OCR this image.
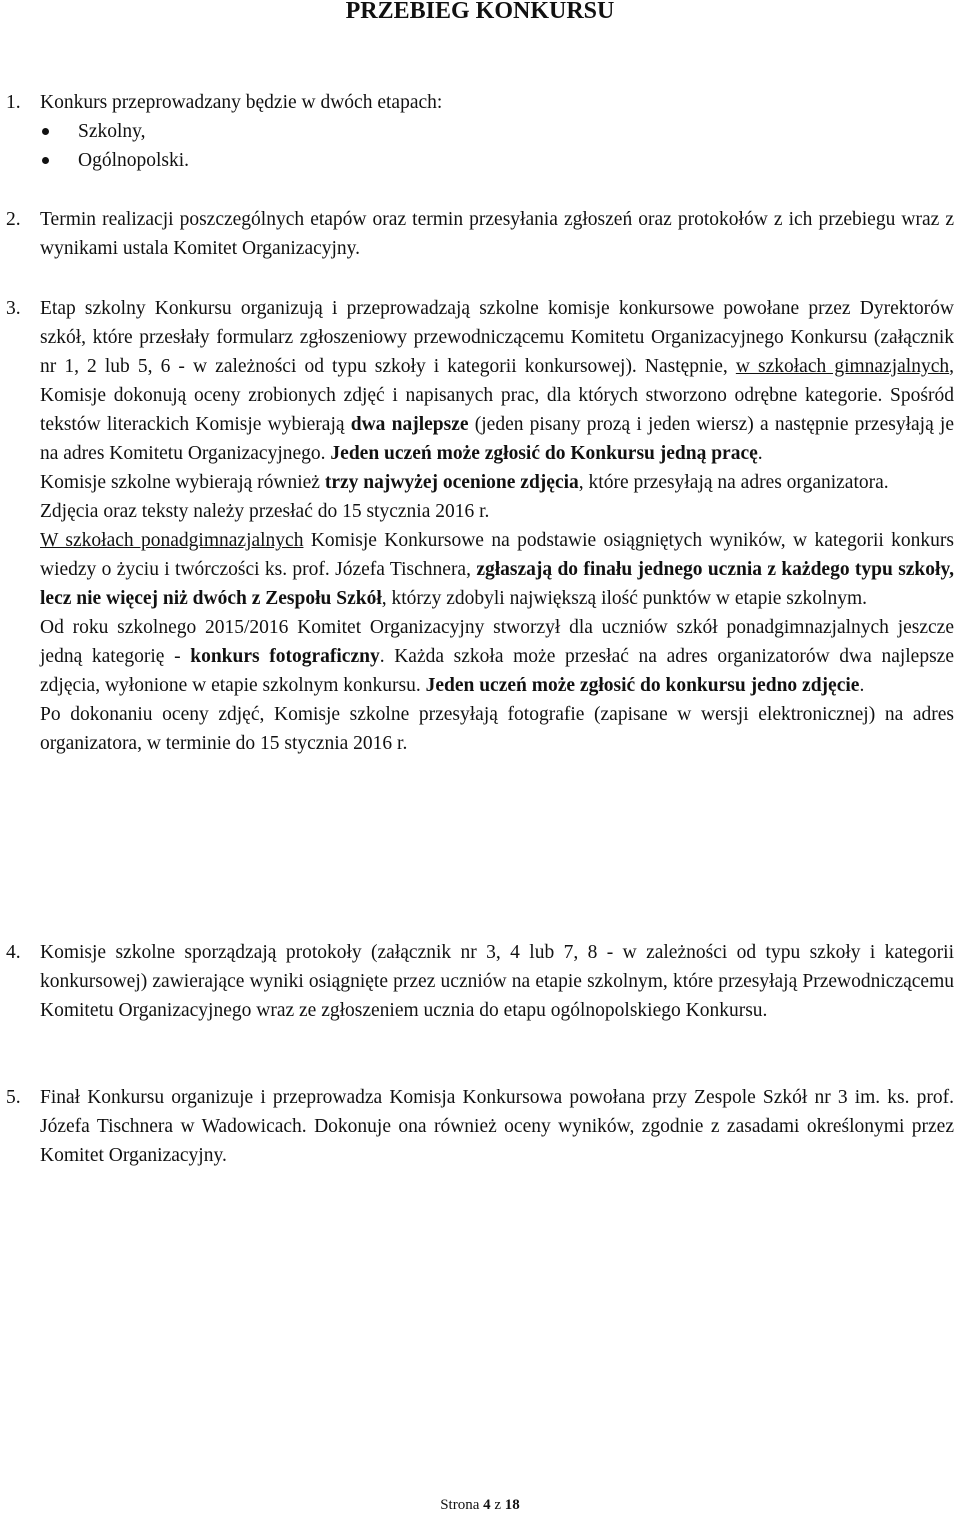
PRZEBIEG KONKURSU
1. Konkurs przeprowadzany będzie w dwóch etapach:
Szkolny,
Ogólnopolski.
2. Termin realizacji poszczególnych etapów oraz termin przesyłania zgłoszeń oraz protokołów z ich przebiegu wraz z wynikami ustala Komitet Organizacyjny.
3. Etap szkolny Konkursu organizują i przeprowadzają szkolne komisje konkursowe powołane przez Dyrektorów szkół, które przesłały formularz zgłoszeniowy przewodniczącemu Komitetu Organizacyjnego Konkursu (załącznik nr 1, 2 lub 5, 6 - w zależności od typu szkoły i kategorii konkursowej). Następnie, w szkołach gimnazjalnych, Komisje dokonują oceny zrobionych zdjęć i napisanych prac, dla których stworzono odrębne kategorie. Spośród tekstów literackich Komisje wybierają dwa najlepsze (jeden pisany prozą i jeden wiersz) a następnie przesyłają je na adres Komitetu Organizacyjnego. Jeden uczeń może zgłosić do Konkursu jedną pracę.

Komisje szkolne wybierają również trzy najwyżej ocenione zdjęcia, które przesyłają na adres organizatora.

Zdjęcia oraz teksty należy przesłać do 15 stycznia 2016 r.

W szkołach ponadgimnazjalnych Komisje Konkursowe na podstawie osiągniętych wyników, w kategorii konkurs wiedzy o życiu i twórczości ks. prof. Józefa Tischnera, zgłaszają do finału jednego ucznia z każdego typu szkoły, lecz nie więcej niż dwóch z Zespołu Szkół, którzy zdobyli największą ilość punktów w etapie szkolnym.

Od roku szkolnego 2015/2016 Komitet Organizacyjny stworzył dla uczniów szkół ponadgimnazjalnych jeszcze jedną kategorię - konkurs fotograficzny. Każda szkoła może przesłać na adres organizatorów dwa najlepsze zdjęcia, wyłonione w etapie szkolnym konkursu. Jeden uczeń może zgłosić do konkursu jedno zdjęcie.

Po dokonaniu oceny zdjęć, Komisje szkolne przesyłają fotografie (zapisane w wersji elektronicznej) na adres organizatora, w terminie do 15 stycznia 2016 r.

4. Komisje szkolne sporządzają protokoły (załącznik nr 3, 4 lub 7, 8 - w zależności od typu szkoły i kategorii konkursowej) zawierające wyniki osiągnięte przez uczniów na etapie szkolnym, które przesyłają Przewodniczącemu Komitetu Organizacyjnego wraz ze zgłoszeniem ucznia do etapu ogólnopolskiego Konkursu.
5. Finał Konkursu organizuje i przeprowadza Komisja Konkursowa powołana przy Zespole Szkół nr 3 im. ks. prof. Józefa Tischnera w Wadowicach. Dokonuje ona również oceny wyników, zgodnie z zasadami określonymi przez Komitet Organizacyjny.
Strona 4 z 18
